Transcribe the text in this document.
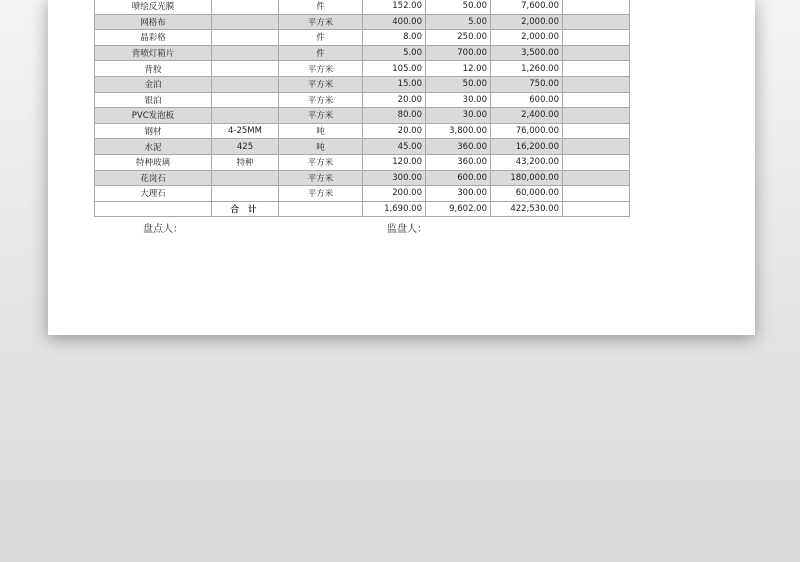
喷绘反光膜		件	152.00	50.00	7,600.00	
网格布		平方米	400.00	5.00	2,000.00	
晶彩格		件	8.00	250.00	2,000.00	
背喷灯箱片		件	5.00	700.00	3,500.00	
背胶		平方米	105.00	12.00	1,260.00	
金泊		平方米	15.00	50.00	750.00	
银泊		平方米	20.00	30.00	600.00	
PVC发泡板		平方米	80.00	30.00	2,400.00	
钢材	4-25MM	吨	20.00	3,800.00	76,000.00	
水泥	425	吨	45.00	360.00	16,200.00	
特种玻璃	特种	平方米	120.00	360.00	43,200.00	
花岗石		平方米	300.00	600.00	180,000.00	
大理石		平方米	200.00	300.00	60,000.00	
	合 计		1,690.00	9,602.00	422,530.00	
盘点人：	监盘人：
